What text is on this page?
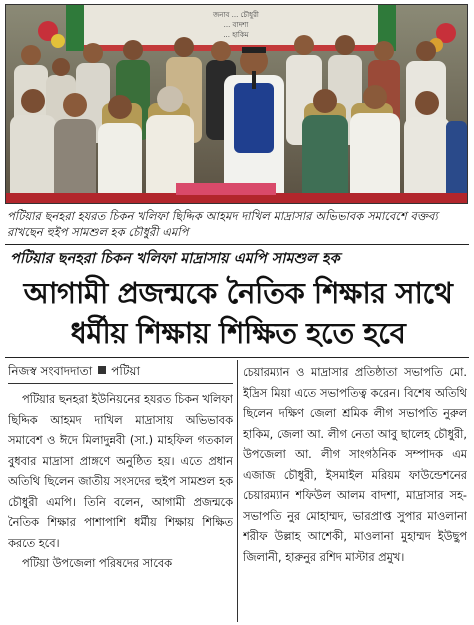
জনাব ... চৌধুরী
... বাদশা
... হাকিম
পটিয়ার ছনহরা হযরত চিকন খলিফা ছিদ্দিক আহমদ দাখিল মাদ্রাসার অভিভাবক সমাবেশে বক্তব্য রাখছেন হুইপ সামশুল হক চৌধুরী এমপি
পটিয়ার ছনহরা চিকন খলিফা মাদ্রাসায় এমপি সামশুল হক
আগামী প্রজন্মকে নৈতিক শিক্ষার সাথে
ধর্মীয় শিক্ষায় শিক্ষিত হতে হবে
নিজস্ব সংবাদদাতা পটিয়া

পটিয়ার ছনহরা ইউনিয়নের হযরত চিকন খলিফা ছিদ্দিক আহমদ দাখিল মাদ্রাসায় অভিভাবক সমাবেশ ও ঈদে মিলাদুন্নবী (সা.) মাহফিল গতকাল বুধবার মাদ্রাসা প্রাঙ্গণে অনুষ্ঠিত হয়। এতে প্রধান অতিথি ছিলেন জাতীয় সংসদের হুইপ সামশুল হক চৌধুরী এমপি। তিনি বলেন, আগামী প্রজন্মকে নৈতিক শিক্ষার পাশাপাশি ধর্মীয় শিক্ষায় শিক্ষিত করতে হবে।

পটিয়া উপজেলা পরিষদের সাবেক

চেয়ারম্যান ও মাদ্রাসার প্রতিষ্ঠাতা সভাপতি মো. ইদ্রিস মিয়া এতে সভাপতিত্ব করেন। বিশেষ অতিথি ছিলেন দক্ষিণ জেলা শ্রমিক লীগ সভাপতি নুরুল হাকিম, জেলা আ. লীগ নেতা আবু ছালেহ চৌধুরী, উপজেলা আ. লীগ সাংগঠনিক সম্পাদক এম এজাজ চৌধুরী, ইসমাইল মরিয়ম ফাউন্ডেশনের চেয়ারম্যান শফিউল আলম বাদশা, মাদ্রাসার সহ-সভাপতি নুর মোহাম্মদ, ভারপ্রাপ্ত সুপার মাওলানা শরীফ উল্লাহ আশেকী, মাওলানা মুহাম্মদ ইউছুপ জিলানী, হারুনুর রশিদ মাস্টার প্রমুখ।
